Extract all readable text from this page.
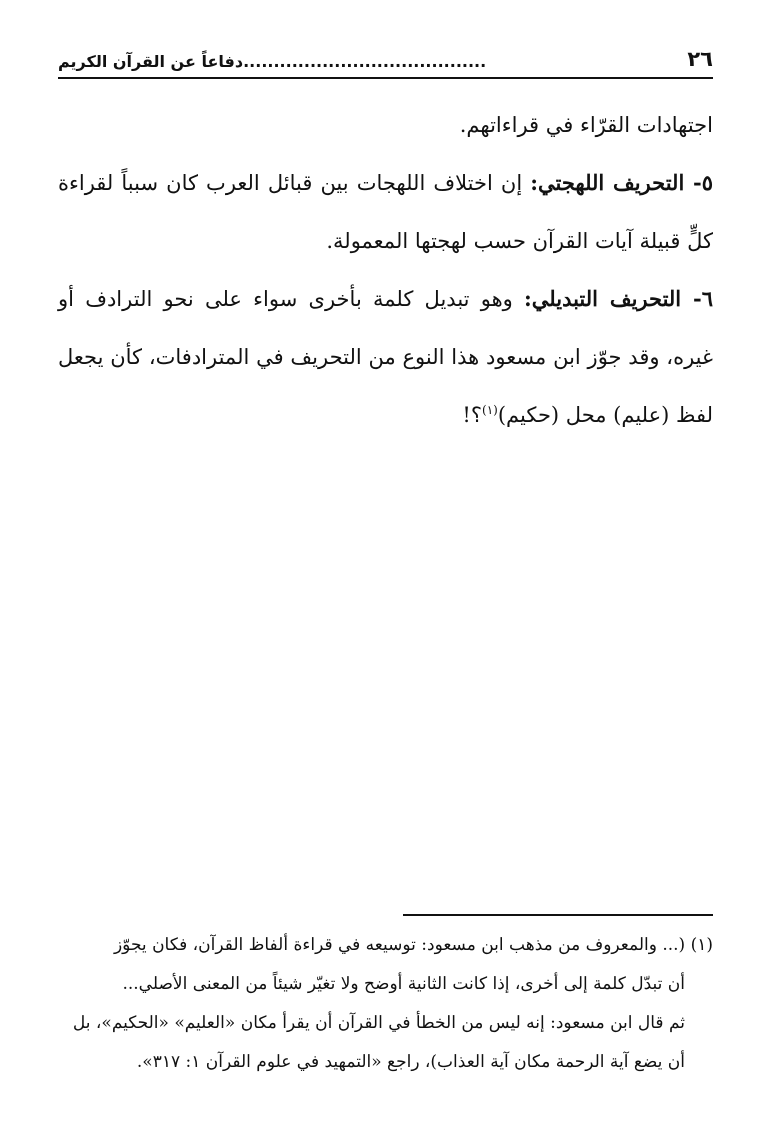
٢٦
........................................دفاعاً عن القرآن الكريم

اجتهادات القرّاء في قراءاتهم.

٥- التحريف اللهجتي: إن اختلاف اللهجات بين قبائل العرب كان سبباً لقراءة كلٍّ قبيلة آيات القرآن حسب لهجتها المعمولة.

٦- التحريف التبديلي: وهو تبديل كلمة بأخرى سواء على نحو الترادف أو غيره، وقد جوّز ابن مسعود هذا النوع من التحريف في المترادفات، كأن يجعل لفظ (عليم) محل (حكيم)$^{(١)}$؟!

(١) (... والمعروف من مذهب ابن مسعود: توسيعه في قراءة ألفاظ القرآن، فكان يجوّز
أن تبدّل كلمة إلى أخرى، إذا كانت الثانية أوضح ولا تغيّر شيئاً من المعنى الأصلي...
ثم قال ابن مسعود: إنه ليس من الخطأ في القرآن أن يقرأ مكان «العليم» «الحكيم»، بل
أن يضع آية الرحمة مكان آية العذاب)، راجع «التمهيد في علوم القرآن ١: ٣١٧».
